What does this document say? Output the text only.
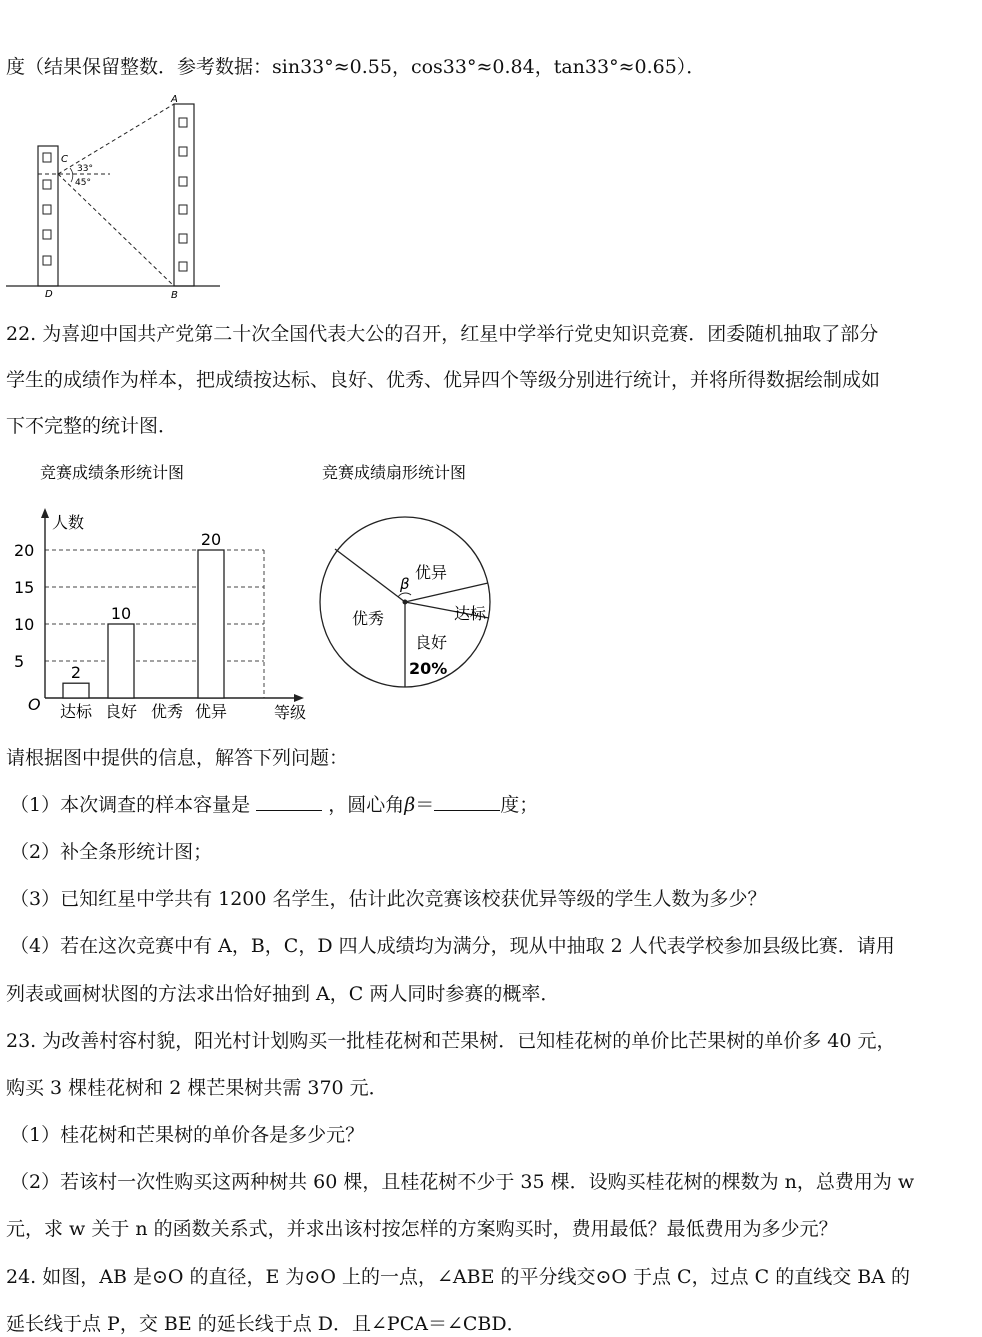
度（结果保留整数．参考数据：sin33°≈0.55，cos33°≈0.84，tan33°≈0.65）．
A
C
D	B
33°
45°
22. 为喜迎中国共产党第二十次全国代表大公的召开，红星中学举行党史知识竞赛．团委随机抽取了部分
学生的成绩作为样本，把成绩按达标、良好、优秀、优异四个等级分别进行统计，并将所得数据绘制成如
下不完整的统计图．
竞赛成绩条形统计图
人数
等级
O
5
10
15
20
2
达标
10
良好 优秀
20
优异
竞赛成绩扇形统计图
β
优异
达标
良好
20%
优秀
请根据图中提供的信息，解答下列问题：
（1）本次调查的样本容量是	，圆心角β＝	度；
（2）补全条形统计图；
（3）已知红星中学共有 1200 名学生，估计此次竞赛该校获优异等级的学生人数为多少？
（4）若在这次竞赛中有 A，B，C，D 四人成绩均为满分，现从中抽取 2 人代表学校参加县级比赛．请用
列表或画树状图的方法求出恰好抽到 A，C 两人同时参赛的概率．
23. 为改善村容村貌，阳光村计划购买一批桂花树和芒果树．已知桂花树的单价比芒果树的单价多 40 元，
购买 3 棵桂花树和 2 棵芒果树共需 370 元．
（1）桂花树和芒果树的单价各是多少元？
（2）若该村一次性购买这两种树共 60 棵，且桂花树不少于 35 棵．设购买桂花树的棵数为 n，总费用为 w
元，求 w 关于 n 的函数关系式，并求出该村按怎样的方案购买时，费用最低？最低费用为多少元？
24. 如图，AB 是⊙O 的直径，E 为⊙O 上的一点，∠ABE 的平分线交⊙O 于点 C，过点 C 的直线交 BA 的
延长线于点 P，交 BE 的延长线于点 D．且∠PCA＝∠CBD．
